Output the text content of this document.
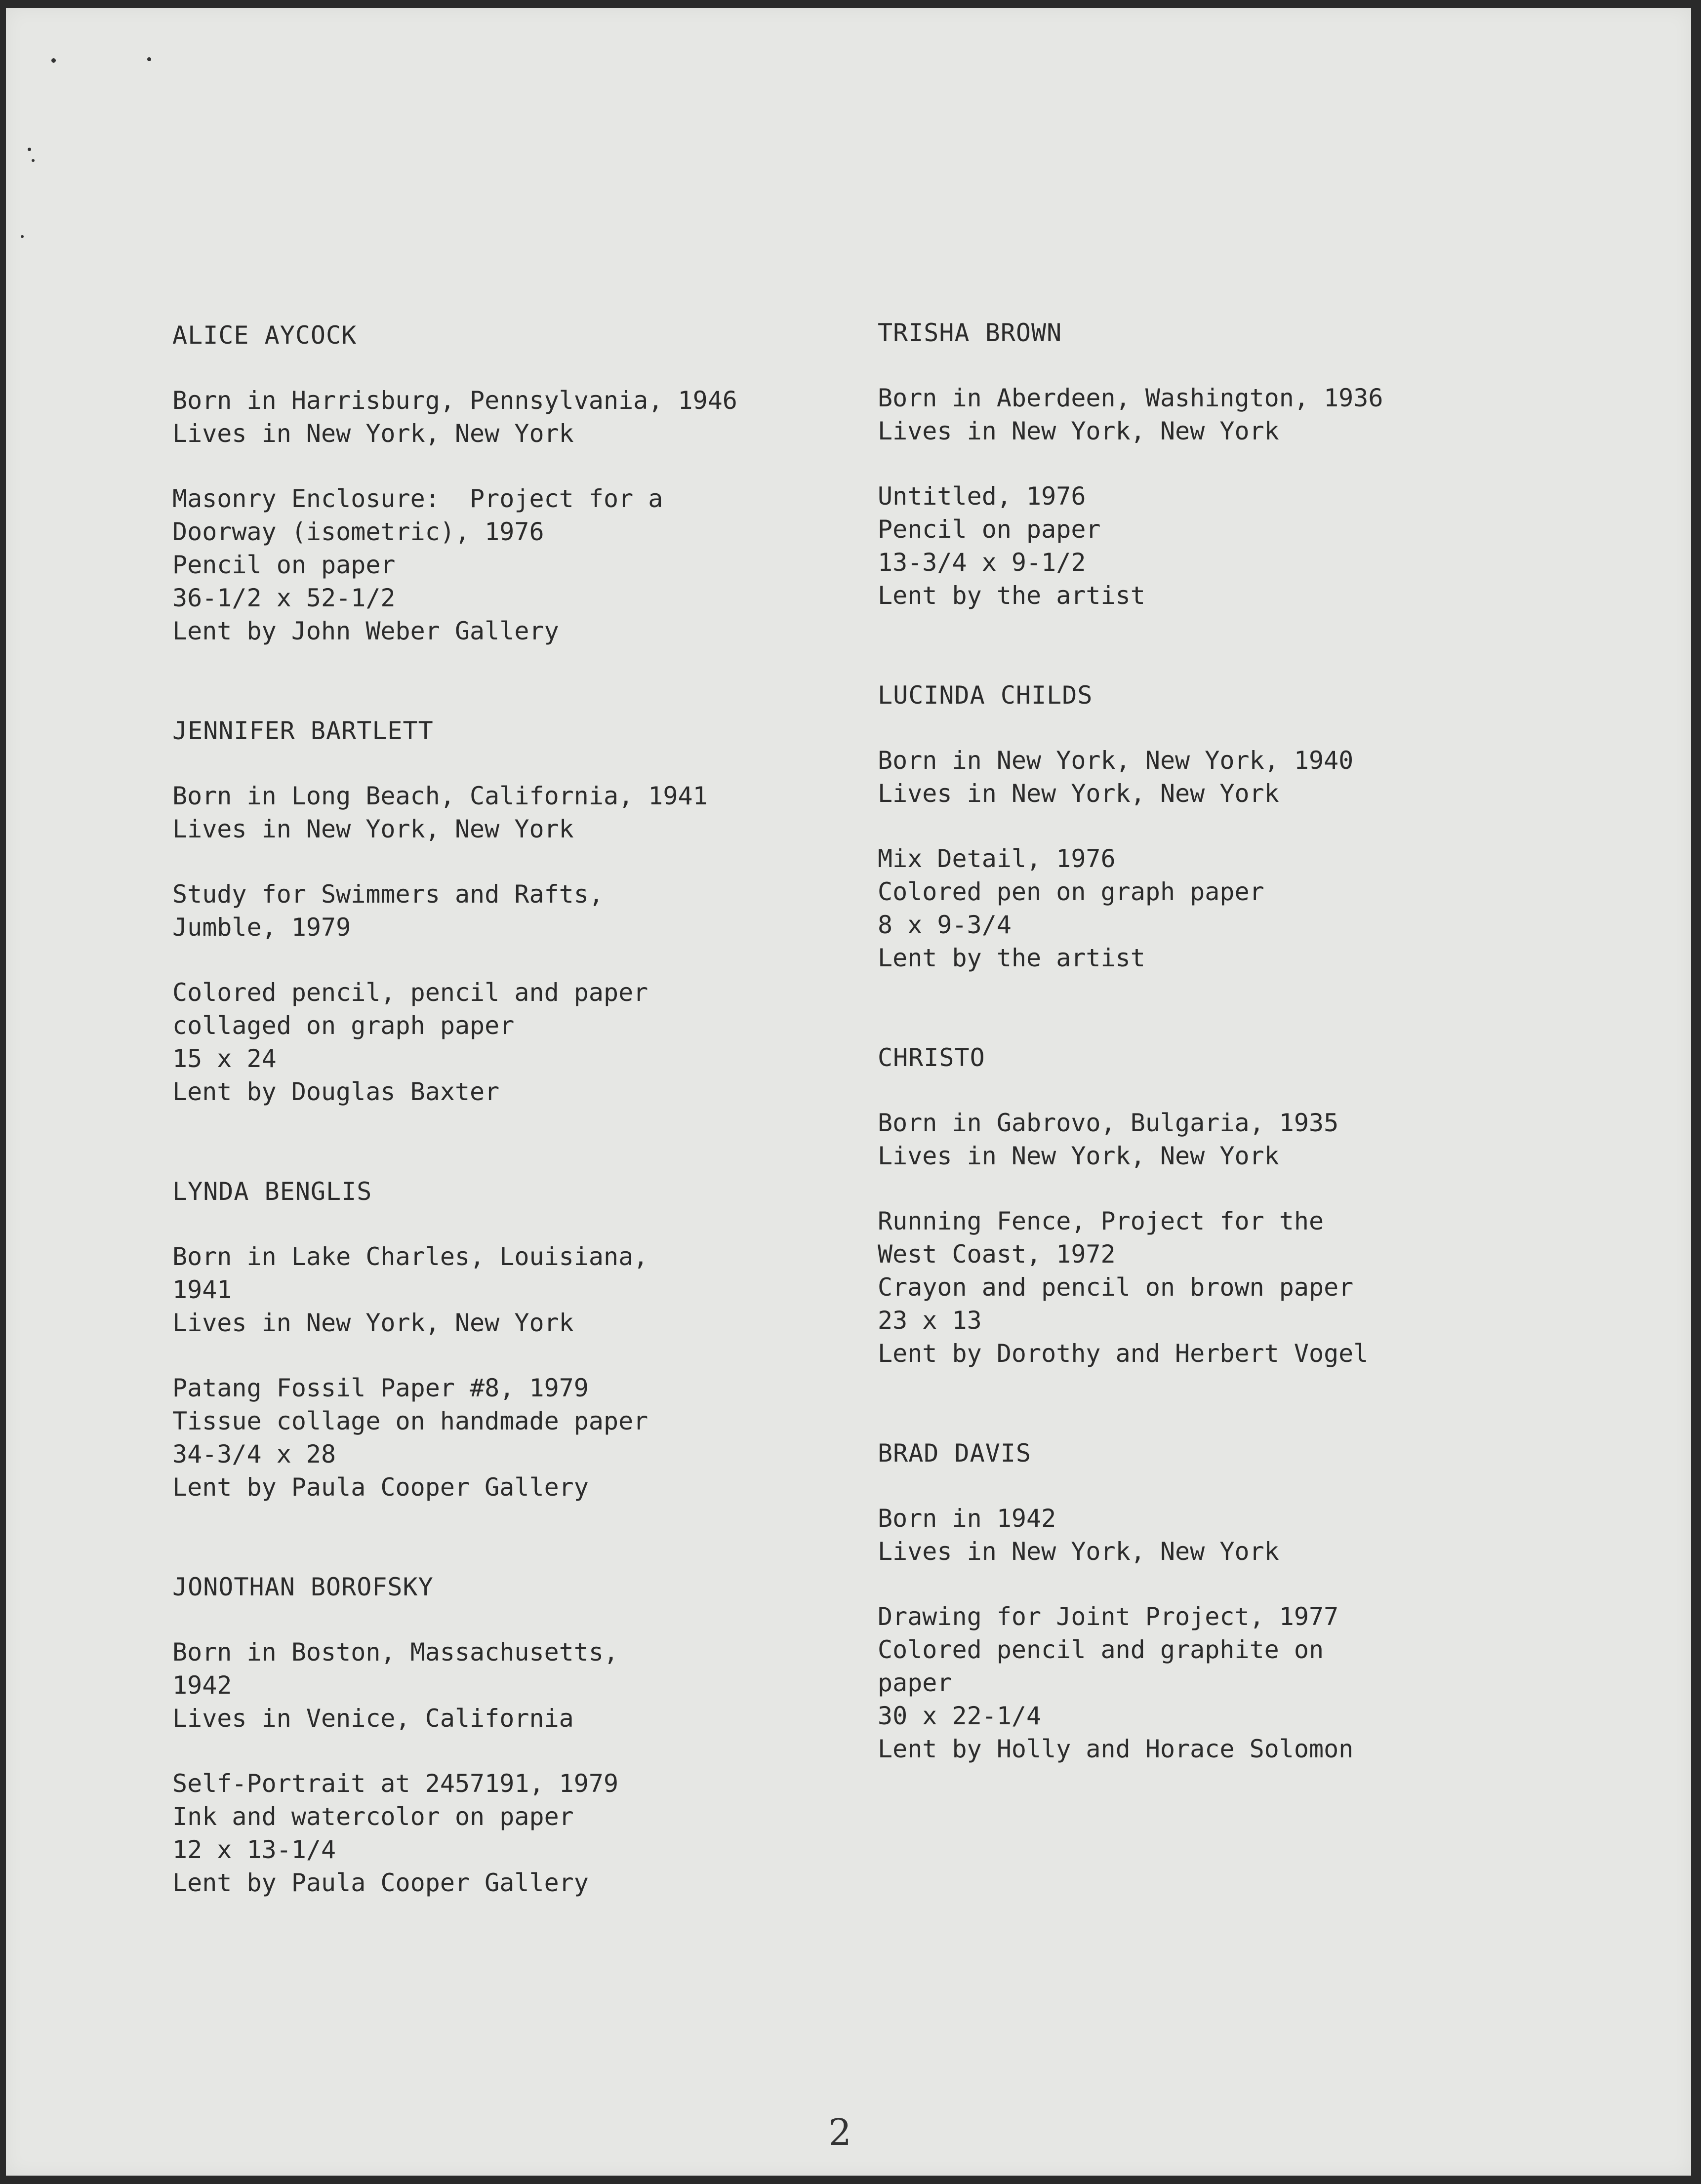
ALICE AYCOCK
Born in Harrisburg, Pennsylvania, 1946
Lives in New York, New York
Masonry Enclosure:  Project for a
Doorway (isometric), 1976
Pencil on paper
36-1/2 x 52-1/2
Lent by John Weber Gallery
JENNIFER BARTLETT
Born in Long Beach, California, 1941
Lives in New York, New York
Study for Swimmers and Rafts,
Jumble, 1979
Colored pencil, pencil and paper
collaged on graph paper
15 x 24
Lent by Douglas Baxter
LYNDA BENGLIS
Born in Lake Charles, Louisiana,
1941
Lives in New York, New York
Patang Fossil Paper #8, 1979
Tissue collage on handmade paper
34-3/4 x 28
Lent by Paula Cooper Gallery
JONOTHAN BOROFSKY
Born in Boston, Massachusetts,
1942
Lives in Venice, California
Self-Portrait at 2457191, 1979
Ink and watercolor on paper
12 x 13-1/4
Lent by Paula Cooper Gallery
TRISHA BROWN
Born in Aberdeen, Washington, 1936
Lives in New York, New York
Untitled, 1976
Pencil on paper
13-3/4 x 9-1/2
Lent by the artist
LUCINDA CHILDS
Born in New York, New York, 1940
Lives in New York, New York
Mix Detail, 1976
Colored pen on graph paper
8 x 9-3/4
Lent by the artist
CHRISTO
Born in Gabrovo, Bulgaria, 1935
Lives in New York, New York
Running Fence, Project for the
West Coast, 1972
Crayon and pencil on brown paper
23 x 13
Lent by Dorothy and Herbert Vogel
BRAD DAVIS
Born in 1942
Lives in New York, New York
Drawing for Joint Project, 1977
Colored pencil and graphite on
paper
30 x 22-1/4
Lent by Holly and Horace Solomon
2
